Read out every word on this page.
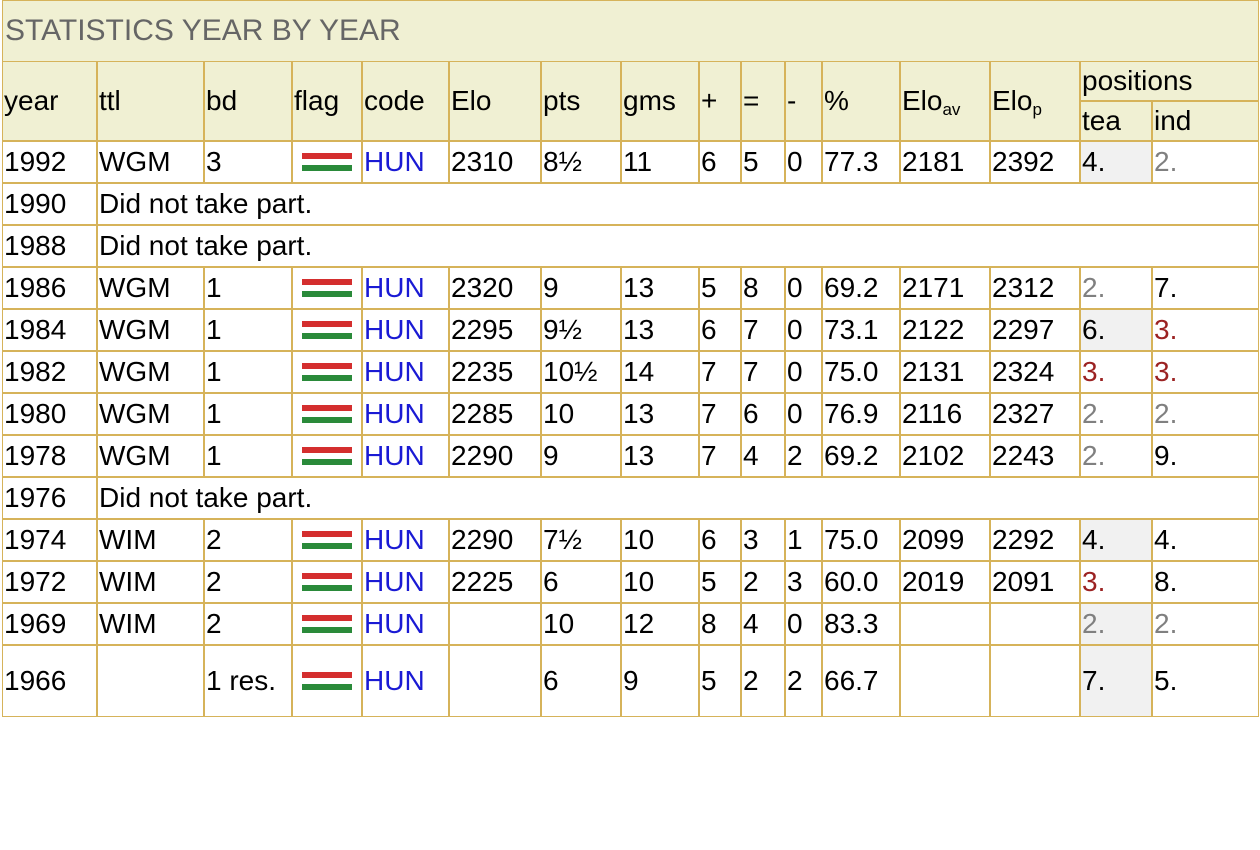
STATISTICS YEAR BY YEAR
year	ttl	bd	flag	code	Elo	pts	gms	+	=	-	%	Elo$_{av}$	Elo$_p$	positions	
														tea	ind
1992	WGM	3		HUN	2310	8½	11	6	5	0	77.3	2181	2392	4.	2.
1990	Did not take part.														
1988	Did not take part.														
1986	WGM	1		HUN	2320	9	13	5	8	0	69.2	2171	2312	2.	7.
1984	WGM	1		HUN	2295	9½	13	6	7	0	73.1	2122	2297	6.	3.
1982	WGM	1		HUN	2235	10½	14	7	7	0	75.0	2131	2324	3.	3.
1980	WGM	1		HUN	2285	10	13	7	6	0	76.9	2116	2327	2.	2.
1978	WGM	1		HUN	2290	9	13	7	4	2	69.2	2102	2243	2.	9.
1976	Did not take part.														
1974	WIM	2		HUN	2290	7½	10	6	3	1	75.0	2099	2292	4.	4.
1972	WIM	2		HUN	2225	6	10	5	2	3	60.0	2019	2091	3.	8.
1969	WIM	2		HUN		10	12	8	4	0	83.3			2.	2.
1966		1 res.		HUN		6	9	5	2	2	66.7			7.	5.
